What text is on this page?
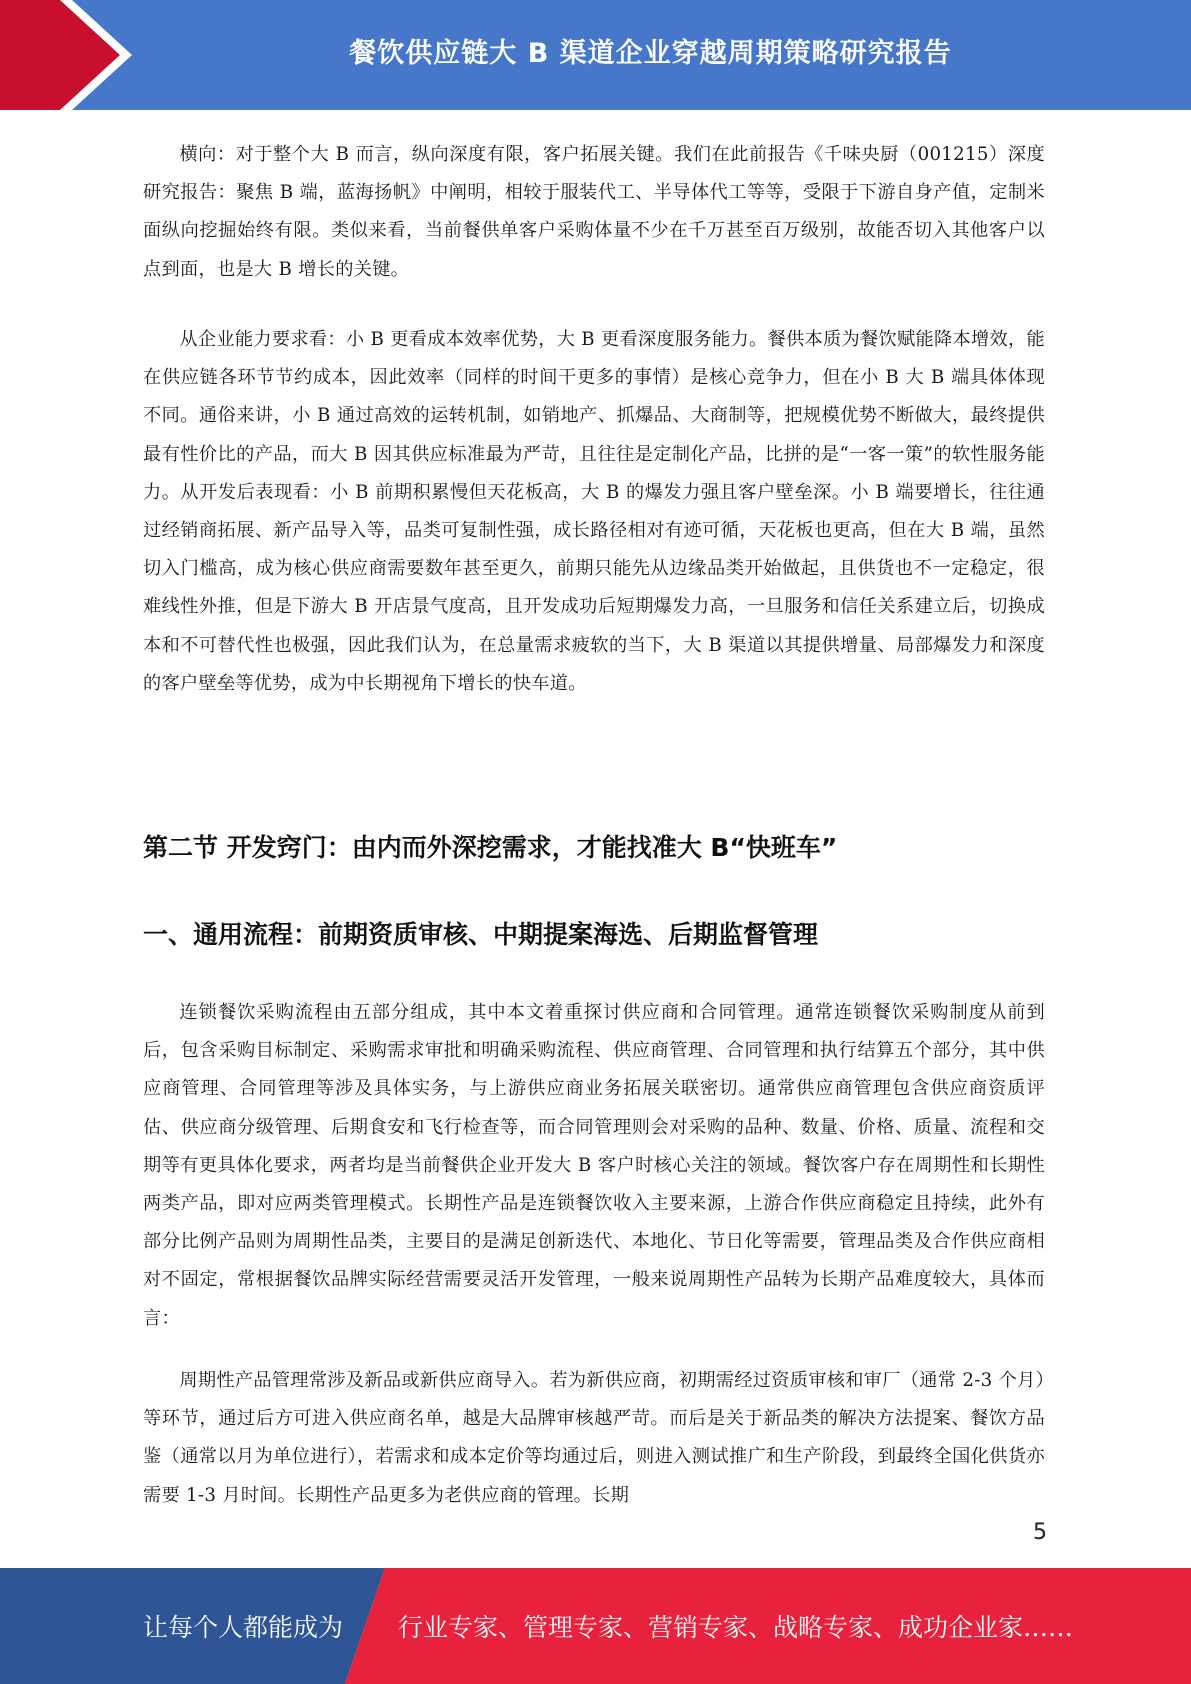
餐饮供应链大 B 渠道企业穿越周期策略研究报告

横向：对于整个大 B 而言，纵向深度有限，客户拓展关键。我们在此前报告《千味央厨（001215）深度研究报告：聚焦 B 端，蓝海扬帆》中阐明，相较于服装代工、半导体代工等等，受限于下游自身产值，定制米面纵向挖掘始终有限。类似来看，当前餐供单客户采购体量不少在千万甚至百万级别，故能否切入其他客户以点到面，也是大 B 增长的关键。

从企业能力要求看：小 B 更看成本效率优势，大 B 更看深度服务能力。餐供本质为餐饮赋能降本增效，能在供应链各环节节约成本，因此效率（同样的时间干更多的事情）是核心竞争力，但在小 B 大 B 端具体体现不同。通俗来讲，小 B 通过高效的运转机制，如销地产、抓爆品、大商制等，把规模优势不断做大，最终提供最有性价比的产品，而大 B 因其供应标准最为严苛，且往往是定制化产品，比拼的是“一客一策”的软性服务能力。从开发后表现看：小 B 前期积累慢但天花板高，大 B 的爆发力强且客户壁垒深。小 B 端要增长，往往通过经销商拓展、新产品导入等，品类可复制性强，成长路径相对有迹可循，天花板也更高，但在大 B 端，虽然切入门槛高，成为核心供应商需要数年甚至更久，前期只能先从边缘品类开始做起，且供货也不一定稳定，很难线性外推，但是下游大 B 开店景气度高，且开发成功后短期爆发力高，一旦服务和信任关系建立后，切换成本和不可替代性也极强，因此我们认为，在总量需求疲软的当下，大 B 渠道以其提供增量、局部爆发力和深度的客户壁垒等优势，成为中长期视角下增长的快车道。

第二节 开发窍门：由内而外深挖需求，才能找准大 B“快班车”
一、通用流程：前期资质审核、中期提案海选、后期监督管理

连锁餐饮采购流程由五部分组成，其中本文着重探讨供应商和合同管理。通常连锁餐饮采购制度从前到后，包含采购目标制定、采购需求审批和明确采购流程、供应商管理、合同管理和执行结算五个部分，其中供应商管理、合同管理等涉及具体实务，与上游供应商业务拓展关联密切。通常供应商管理包含供应商资质评估、供应商分级管理、后期食安和飞行检查等，而合同管理则会对采购的品种、数量、价格、质量、流程和交期等有更具体化要求，两者均是当前餐供企业开发大 B 客户时核心关注的领域。餐饮客户存在周期性和长期性两类产品，即对应两类管理模式。长期性产品是连锁餐饮收入主要来源，上游合作供应商稳定且持续，此外有部分比例产品则为周期性品类，主要目的是满足创新迭代、本地化、节日化等需要，管理品类及合作供应商相对不固定，常根据餐饮品牌实际经营需要灵活开发管理，一般来说周期性产品转为长期产品难度较大，具体而言：

周期性产品管理常涉及新品或新供应商导入。若为新供应商，初期需经过资质审核和审厂（通常 2-3 个月）等环节，通过后方可进入供应商名单，越是大品牌审核越严苛。而后是关于新品类的解决方法提案、餐饮方品鉴（通常以月为单位进行），若需求和成本定价等均通过后，则进入测试推广和生产阶段，到最终全国化供货亦需要 1-3 月时间。长期性产品更多为老供应商的管理。长期

5
让每个人都能成为 行业专家、管理专家、营销专家、战略专家、成功企业家……
